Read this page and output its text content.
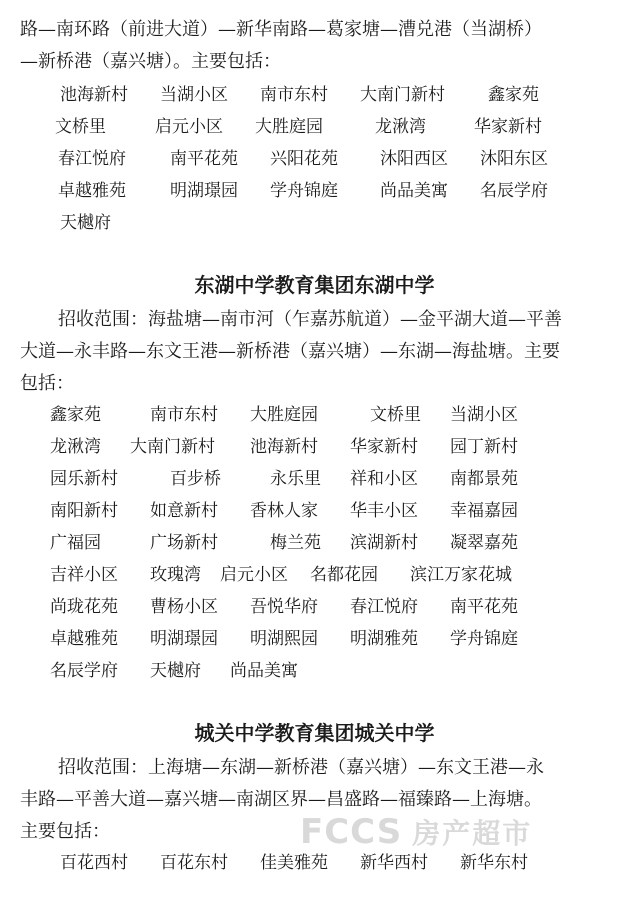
路—南环路（前进大道）—新华南路—葛家塘—漕兑港（当湖桥）
—新桥港（嘉兴塘）。主要包括：
池海新村 当湖小区 南市东村 大南门新村	鑫家苑
文桥里	启元小区 大胜庭园	龙湫湾	华家新村
春江悦府	南平花苑 兴阳花苑 沐阳西区 沐阳东区
卓越雅苑	明湖璟园 学舟锦庭 尚品美寓 名辰学府
天樾府
东湖中学教育集团东湖中学
招收范围：海盐塘—南市河（乍嘉苏航道）—金平湖大道—平善
大道—永丰路—东文王港—新桥港（嘉兴塘）—东湖—海盐塘。主要
包括：
鑫家苑	南市东村 大胜庭园	文桥里 当湖小区
龙湫湾 大南门新村 池海新村 华家新村 园丁新村
园乐新村	百步桥	永乐里 祥和小区 南都景苑
南阳新村 如意新村 香林人家 华丰小区 幸福嘉园
广福园	广场新村	梅兰苑 滨湖新村 凝翠嘉苑
吉祥小区 玫瑰湾 启元小区 名都花园 滨江万家花城
尚珑花苑 曹杨小区 吾悦华府 春江悦府 南平花苑
卓越雅苑 明湖璟园 明湖熙园 明湖雅苑 学舟锦庭
名辰学府 天樾府 尚品美寓
城关中学教育集团城关中学
招收范围：上海塘—东湖—新桥港（嘉兴塘）—东文王港—永
丰路—平善大道—嘉兴塘—南湖区界—昌盛路—福臻路—上海塘。
主要包括：
百花西村 百花东村 佳美雅苑 新华西村 新华东村
FCCS 房产超市
